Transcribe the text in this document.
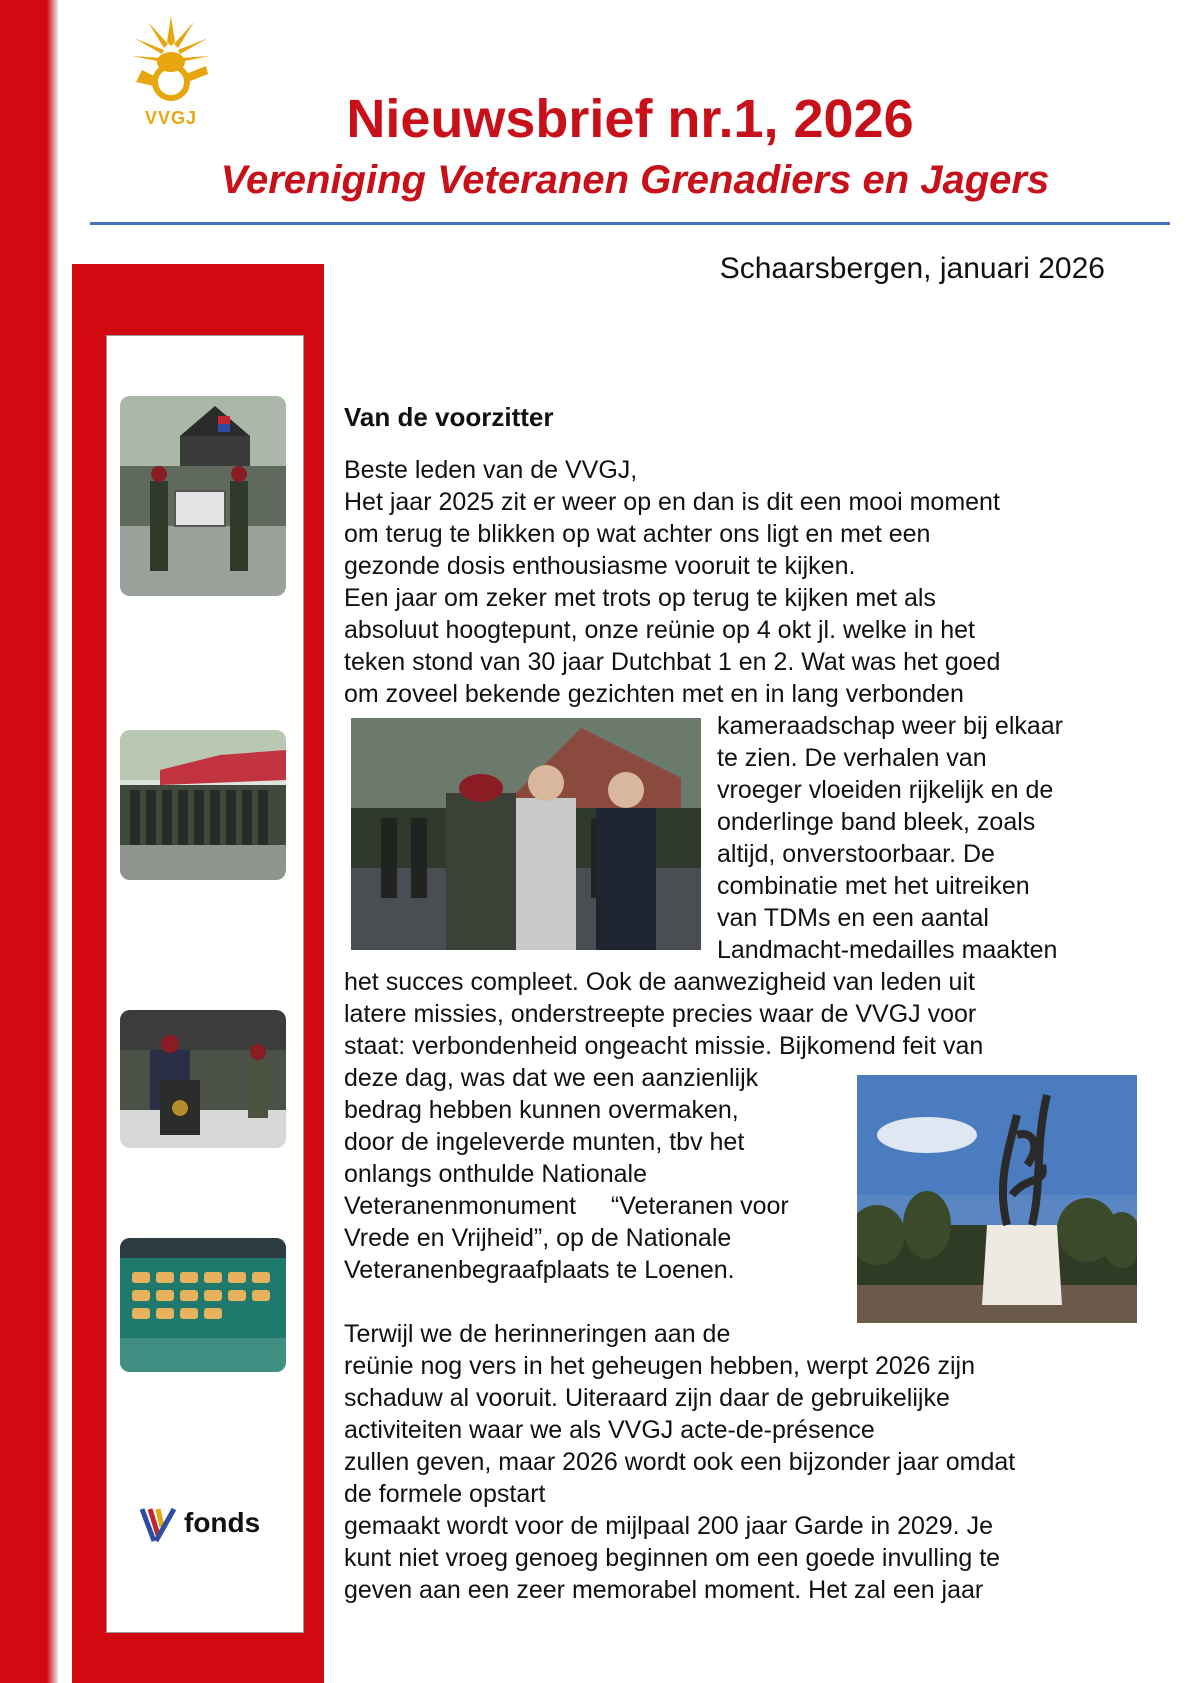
VVGJ	Nieuwsbrief nr.1, 2026
Vereniging Veteranen Grenadiers en Jagers
Schaarsbergen, januari 2026
fonds
Van de voorzitter
Beste leden van de VVGJ,
Het jaar 2025 zit er weer op en dan is dit een mooi moment
om terug te blikken op wat achter ons ligt en met een
gezonde dosis enthousiasme vooruit te kijken.
Een jaar om zeker met trots op terug te kijken met als
absoluut hoogtepunt, onze reünie op 4 okt jl. welke in het
teken stond van 30 jaar Dutchbat 1 en 2. Wat was het goed
om zoveel bekende gezichten met en in lang verbonden
kameraadschap weer bij elkaar
te zien. De verhalen van
vroeger vloeiden rijkelijk en de
onderlinge band bleek, zoals
altijd, onverstoorbaar. De
combinatie met het uitreiken
van TDMs en een aantal
Landmacht-medailles maakten
het succes compleet. Ook de aanwezigheid van leden uit
latere missies, onderstreepte precies waar de VVGJ voor
staat: verbondenheid ongeacht missie. Bijkomend feit van
deze dag, was dat we een aanzienlijk
bedrag hebben kunnen overmaken,
door de ingeleverde munten, tbv het
onlangs onthulde Nationale
Veteranenmonument     “Veteranen voor
Vrede en Vrijheid”, op de Nationale
Veteranenbegraafplaats te Loenen.
Terwijl we de herinneringen aan de
reünie nog vers in het geheugen hebben, werpt 2026 zijn
schaduw al vooruit. Uiteraard zijn daar de gebruikelijke
activiteiten waar we als VVGJ acte-de-présence
zullen geven, maar 2026 wordt ook een bijzonder jaar omdat
de formele opstart
gemaakt wordt voor de mijlpaal 200 jaar Garde in 2029. Je
kunt niet vroeg genoeg beginnen om een goede invulling te
geven aan een zeer memorabel moment. Het zal een jaar
